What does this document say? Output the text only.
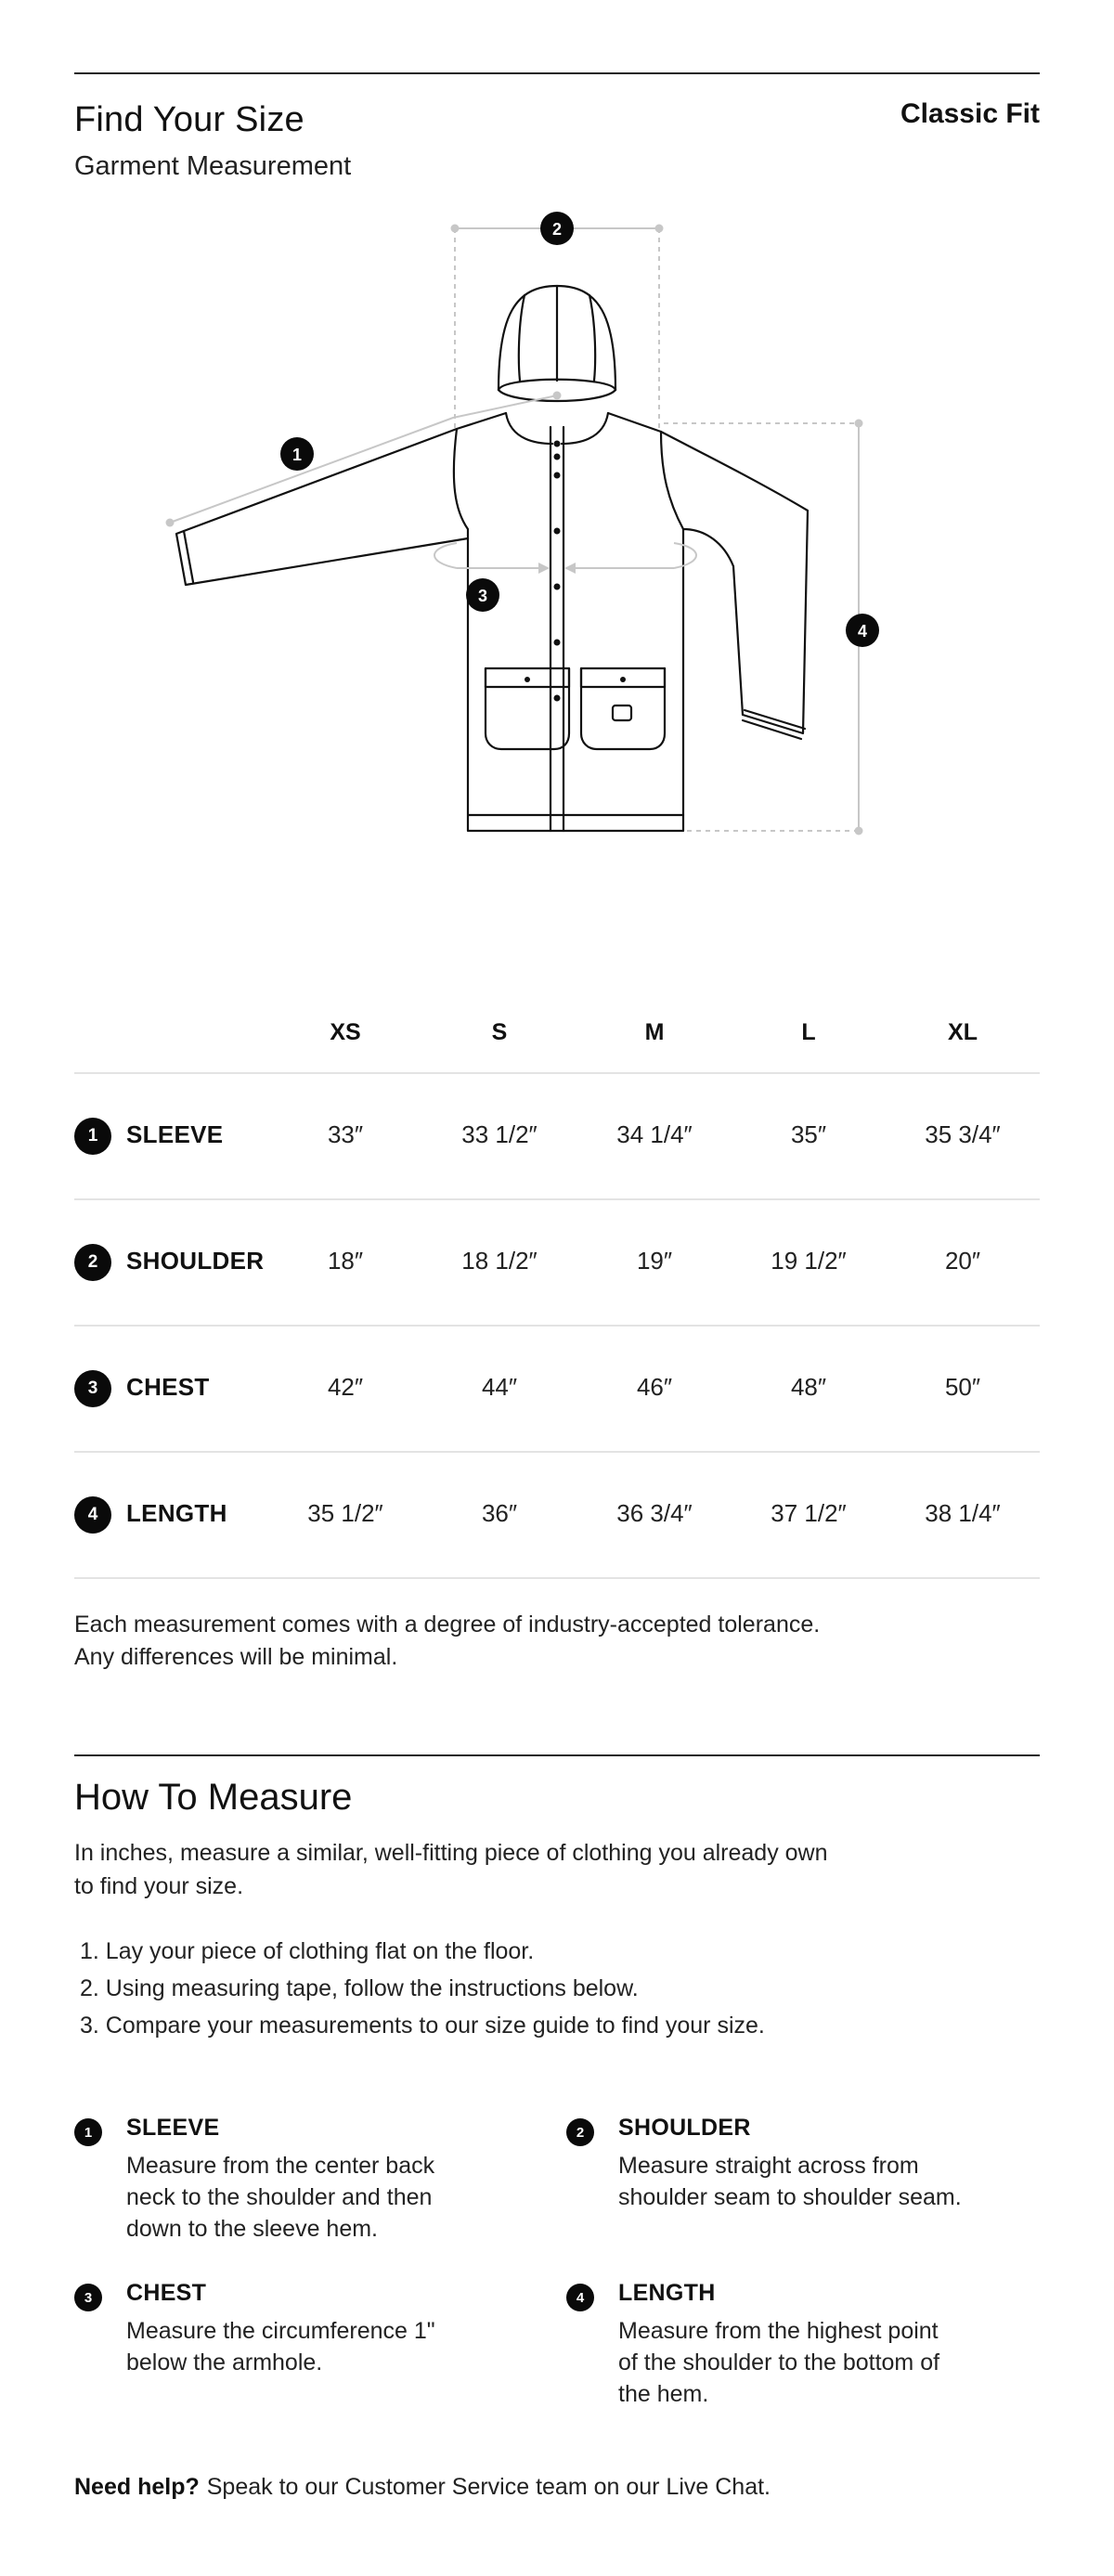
Find Your Size
Garment Measurement
Classic Fit
1
2
3
4
XS	S	M	L	XL
1	SLEEVE	33″	33 1/2″	34 1/4″	35″	35 3/4″
2	SHOULDER	18″	18 1/2″	19″	19 1/2″	20″
3	CHEST	42″	44″	46″	48″	50″
4	LENGTH	35 1/2″	36″	36 3/4″	37 1/2″	38 1/4″
Each measurement comes with a degree of industry-accepted tolerance.
Any differences will be minimal.
How To Measure
In inches, measure a similar, well-fitting piece of clothing you already own
to find your size.
1. Lay your piece of clothing flat on the floor.
2. Using measuring tape, follow the instructions below.
3. Compare your measurements to our size guide to find your size.
1	SLEEVE
Measure from the center back
neck to the shoulder and then
down to the sleeve hem.
2	SHOULDER
Measure straight across from
shoulder seam to shoulder seam.
3	CHEST
Measure the circumference 1"
below the armhole.
4	LENGTH
Measure from the highest point
of the shoulder to the bottom of
the hem.
Need help? Speak to our Customer Service team on our Live Chat.
